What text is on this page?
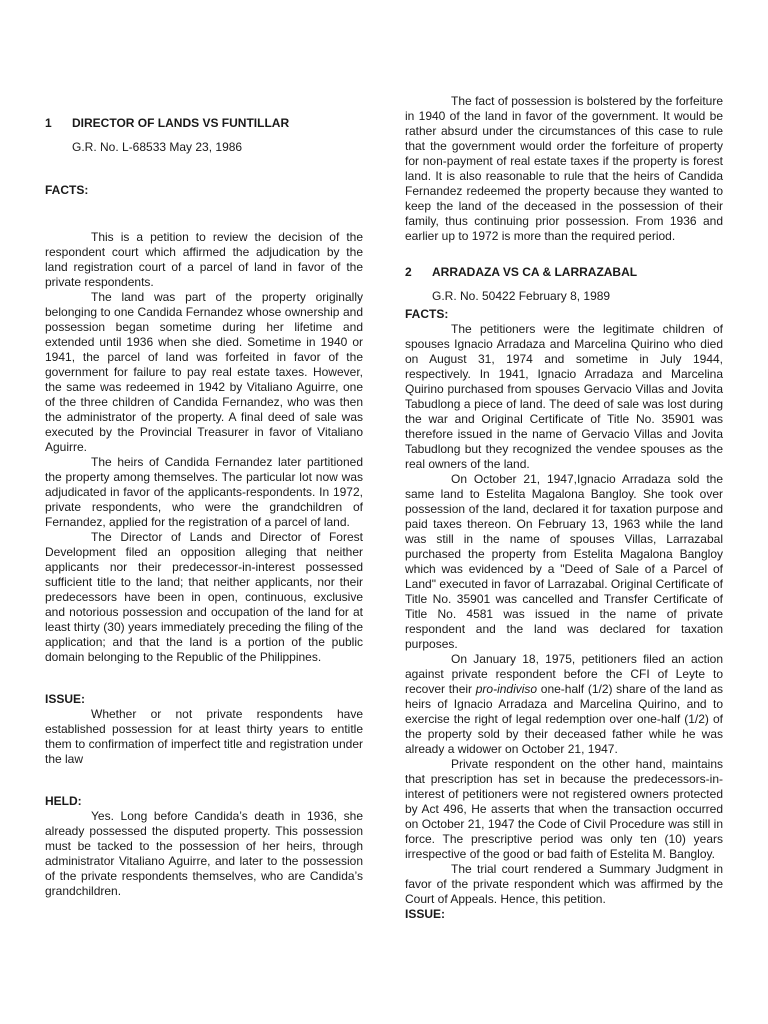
1	DIRECTOR OF LANDS VS FUNTILLAR
G.R. No. L-68533 May 23, 1986
FACTS:

This is a petition to review the decision of the respondent court which affirmed the adjudication by the land registration court of a parcel of land in favor of the private respondents.

The land was part of the property originally belonging to one Candida Fernandez whose ownership and possession began sometime during her lifetime and extended until 1936 when she died. Sometime in 1940 or 1941, the parcel of land was forfeited in favor of the government for failure to pay real estate taxes. However, the same was redeemed in 1942 by Vitaliano Aguirre, one of the three children of Candida Fernandez, who was then the administrator of the property. A final deed of sale was executed by the Provincial Treasurer in favor of Vitaliano Aguirre.

The heirs of Candida Fernandez later partitioned the property among themselves. The particular lot now was adjudicated in favor of the applicants-respondents. In 1972, private respondents, who were the grandchildren of Fernandez, applied for the registration of a parcel of land.

The Director of Lands and Director of Forest Development filed an opposition alleging that neither applicants nor their predecessor-in-interest possessed sufficient title to the land; that neither applicants, nor their predecessors have been in open, continuous, exclusive and notorious possession and occupation of the land for at least thirty (30) years immediately preceding the filing of the application; and that the land is a portion of the public domain belonging to the Republic of the Philippines.

ISSUE:

Whether or not private respondents have established possession for at least thirty years to entitle them to confirmation of imperfect title and registration under the law

HELD:

Yes. Long before Candida’s death in 1936, she already possessed the disputed property. This possession must be tacked to the possession of her heirs, through administrator Vitaliano Aguirre, and later to the possession of the private respondents themselves, who are Candida’s grandchildren.

The fact of possession is bolstered by the forfeiture in 1940 of the land in favor of the government. It would be rather absurd under the circumstances of this case to rule that the government would order the forfeiture of property for non-payment of real estate taxes if the property is forest land. It is also reasonable to rule that the heirs of Candida Fernandez redeemed the property because they wanted to keep the land of the deceased in the possession of their family, thus continuing prior possession. From 1936 and earlier up to 1972 is more than the required period.

2	ARRADAZA VS CA & LARRAZABAL
G.R. No. 50422 February 8, 1989
FACTS:

The petitioners were the legitimate children of spouses Ignacio Arradaza and Marcelina Quirino who died on August 31, 1974 and sometime in July 1944, respectively. In 1941, Ignacio Arradaza and Marcelina Quirino purchased from spouses Gervacio Villas and Jovita Tabudlong a piece of land. The deed of sale was lost during the war and Original Certificate of Title No. 35901 was therefore issued in the name of Gervacio Villas and Jovita Tabudlong but they recognized the vendee spouses as the real owners of the land.

On October 21, 1947,Ignacio Arradaza sold the same land to Estelita Magalona Bangloy. She took over possession of the land, declared it for taxation purpose and paid taxes thereon. On February 13, 1963 while the land was still in the name of spouses Villas, Larrazabal purchased the property from Estelita Magalona Bangloy which was evidenced by a "Deed of Sale of a Parcel of Land" executed in favor of Larrazabal. Original Certificate of Title No. 35901 was cancelled and Transfer Certificate of Title No. 4581 was issued in the name of private respondent and the land was declared for taxation purposes.

On January 18, 1975, petitioners filed an action against private respondent before the CFI of Leyte to recover their pro-indiviso one-half (1/2) share of the land as heirs of Ignacio Arradaza and Marcelina Quirino, and to exercise the right of legal redemption over one-half (1/2) of the property sold by their deceased father while he was already a widower on October 21, 1947.

Private respondent on the other hand, maintains that prescription has set in because the predecessors-in-interest of petitioners were not registered owners protected by Act 496, He asserts that when the transaction occurred on October 21, 1947 the Code of Civil Procedure was still in force. The prescriptive period was only ten (10) years irrespective of the good or bad faith of Estelita M. Bangloy.

The trial court rendered a Summary Judgment in favor of the private respondent which was affirmed by the Court of Appeals. Hence, this petition.

ISSUE:
